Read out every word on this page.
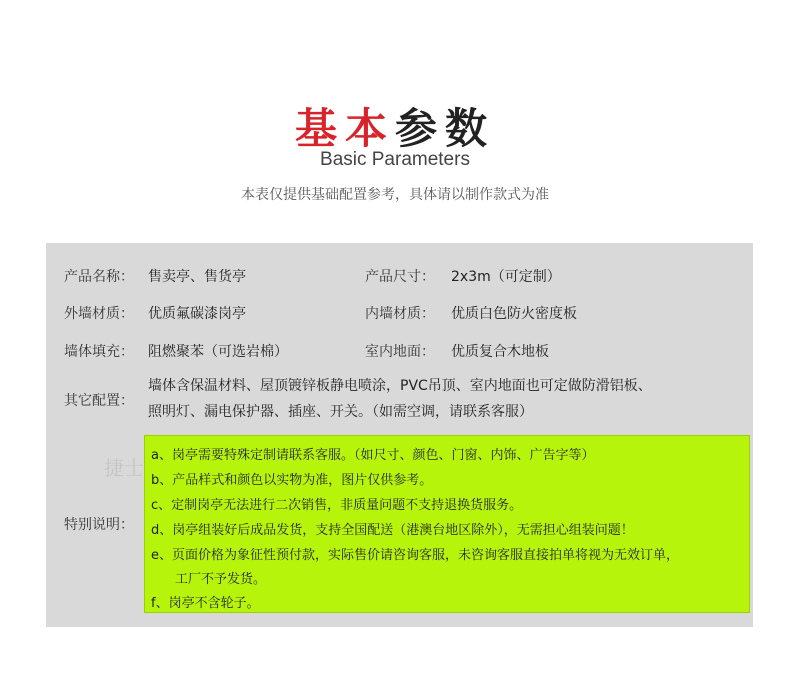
基本参数
Basic Parameters
本表仅提供基础配置参考，具体请以制作款式为准
产品名称： 售卖亭、售货亭	产品尺寸： 2x3m（可定制）
外墙材质： 优质氟碳漆岗亭	内墙材质： 优质白色防火密度板
墙体填充： 阻燃聚苯（可选岩棉）	室内地面： 优质复合木地板
其它配置：
墙体含保温材料、屋顶镀锌板静电喷涂，PVC吊顶、室内地面也可定做防滑铝板、
照明灯、漏电保护器、插座、开关。（如需空调，请联系客服）
特别说明：
a、岗亭需要特殊定制请联系客服。（如尺寸、颜色、门窗、内饰、广告字等）
b、产品样式和颜色以实物为准，图片仅供参考。
c、定制岗亭无法进行二次销售，非质量问题不支持退换货服务。
d、岗亭组装好后成品发货，支持全国配送（港澳台地区除外），无需担心组装问题！
e、页面价格为象征性预付款，实际售价请咨询客服，未咨询客服直接拍单将视为无效订单，
工厂不予发货。
f、岗亭不含轮子。
捷士
